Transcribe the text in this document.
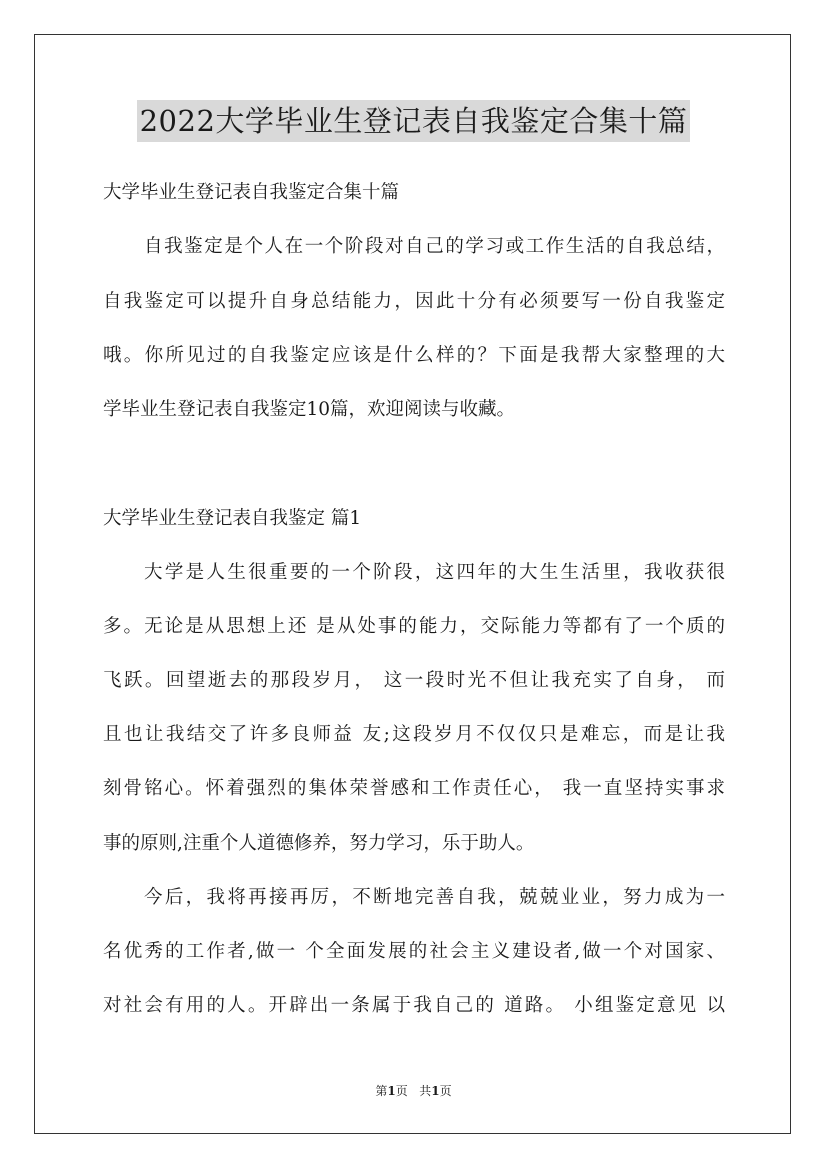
2022大学毕业生登记表自我鉴定合集十篇
大学毕业生登记表自我鉴定合集十篇
自我鉴定是个人在一个阶段对自己的学习或工作生活的自我总结，
自我鉴定可以提升自身总结能力，因此十分有必须要写一份自我鉴定
哦。你所见过的自我鉴定应该是什么样的？下面是我帮大家整理的大
学毕业生登记表自我鉴定10篇，欢迎阅读与收藏。
大学毕业生登记表自我鉴定 篇1
大学是人生很重要的一个阶段，这四年的大生生活里，我收获很
多。无论是从思想上还 是从处事的能力，交际能力等都有了一个质的
飞跃。回望逝去的那段岁月， 这一段时光不但让我充实了自身， 而
且也让我结交了许多良师益 友;这段岁月不仅仅只是难忘，而是让我
刻骨铭心。怀着强烈的集体荣誉感和工作责任心， 我一直坚持实事求
事的原则,注重个人道德修养，努力学习，乐于助人。
今后，我将再接再厉，不断地完善自我，兢兢业业，努力成为一
名优秀的工作者,做一 个全面发展的社会主义建设者,做一个对国家、
对社会有用的人。开辟出一条属于我自己的 道路。 小组鉴定意见 以
第1页 共1页
